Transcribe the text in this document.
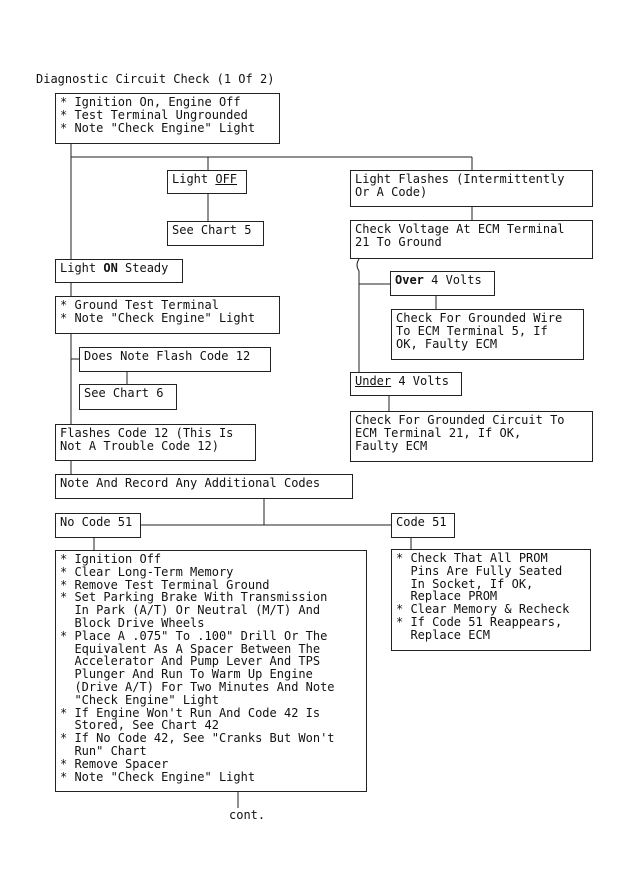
Diagnostic Circuit Check (1 Of 2)
* Ignition On, Engine Off
* Test Terminal Ungrounded
* Note "Check Engine" Light
Light OFF
See Chart 5
Light Flashes (Intermittently
Or A Code)
Check Voltage At ECM Terminal
21 To Ground
Light ON Steady
Over 4 Volts
Check For Grounded Wire
To ECM Terminal 5, If
OK, Faulty ECM
* Ground Test Terminal
* Note "Check Engine" Light
Does Note Flash Code 12
See Chart 6
Under 4 Volts
Check For Grounded Circuit To
ECM Terminal 21, If OK,
Faulty ECM
Flashes Code 12 (This Is
Not A Trouble Code 12)
Note And Record Any Additional Codes
No Code 51	Code 51
* Ignition Off
* Clear Long-Term Memory
* Remove Test Terminal Ground
* Set Parking Brake With Transmission
In Park (A/T) Or Neutral (M/T) And
Block Drive Wheels
* Place A .075" To .100" Drill Or The
Equivalent As A Spacer Between The
Accelerator And Pump Lever And TPS
Plunger And Run To Warm Up Engine
(Drive A/T) For Two Minutes And Note
"Check Engine" Light
* If Engine Won't Run And Code 42 Is
Stored, See Chart 42
* If No Code 42, See "Cranks But Won't
Run" Chart
* Remove Spacer
* Note "Check Engine" Light
* Check That All PROM
Pins Are Fully Seated
In Socket, If OK,
Replace PROM
* Clear Memory & Recheck
* If Code 51 Reappears,
Replace ECM
cont.
